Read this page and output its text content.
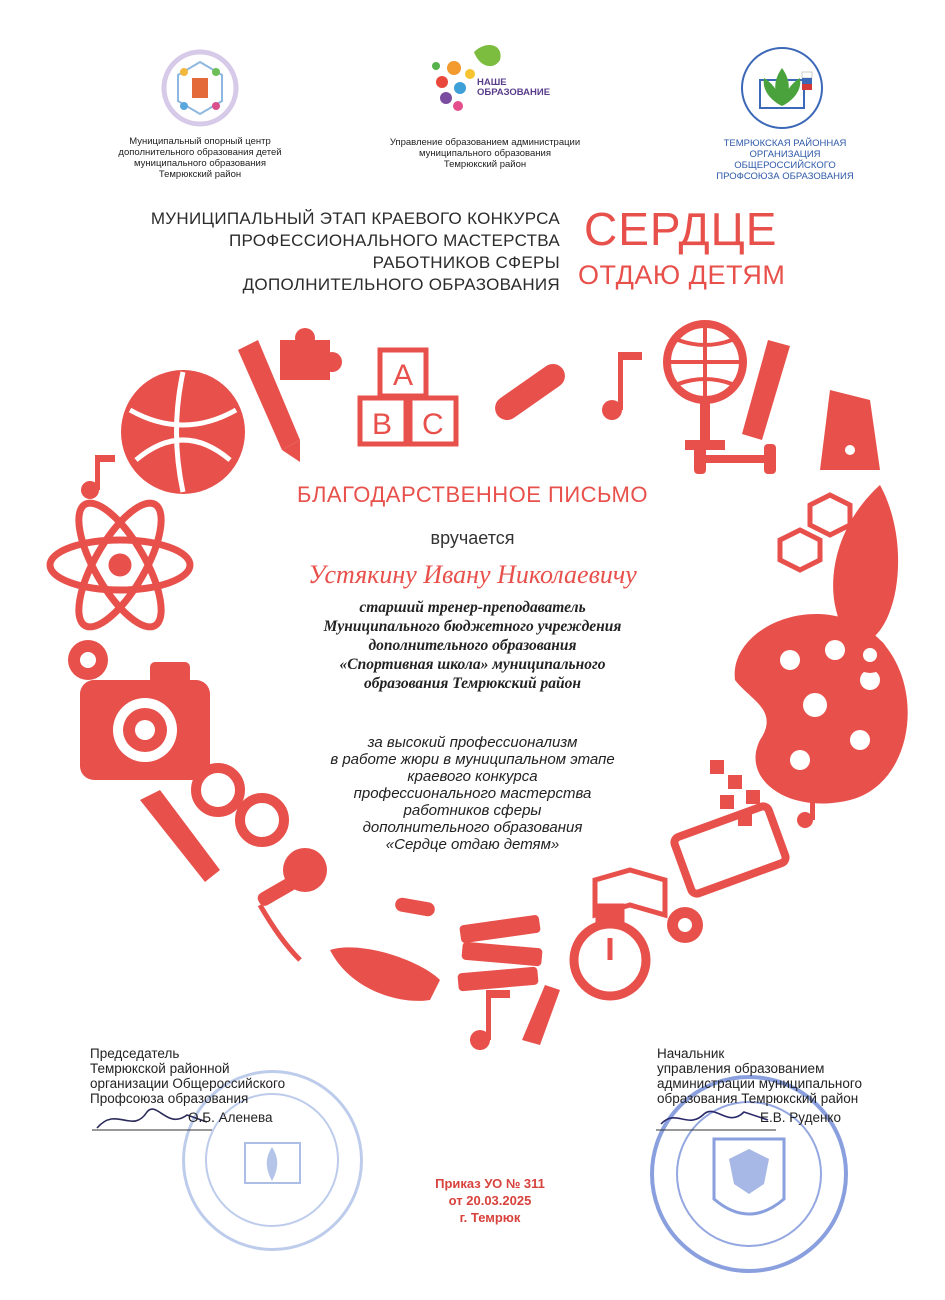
Муниципальный опорный центр
дополнительного образования детей
муниципального образования
Темрюкский район
НАШЕ
ОБРАЗОВАНИЕ
Управление образованием администрации
муниципального образования
Темрюкский район
ТЕМРЮКСКАЯ РАЙОННАЯ
ОРГАНИЗАЦИЯ
ОБЩЕРОССИЙСКОГО
ПРОФСОЮЗА ОБРАЗОВАНИЯ
МУНИЦИПАЛЬНЫЙ ЭТАП КРАЕВОГО КОНКУРСА
ПРОФЕССИОНАЛЬНОГО МАСТЕРСТВА
РАБОТНИКОВ СФЕРЫ
ДОПОЛНИТЕЛЬНОГО ОБРАЗОВАНИЯ
СЕРДЦЕ
ОТДАЮ ДЕТЯМ
A
B C
БЛАГОДАРСТВЕННОЕ ПИСЬМО
вручается
Устякину Ивану Николаевичу
старший тренер-преподаватель
Муниципального бюджетного учреждения
дополнительного образования
«Спортивная школа» муниципального
образования Темрюкский район
за высокий профессионализм
в работе жюри в муниципальном этапе
краевого конкурса
профессионального мастерства
работников сферы
дополнительного образования
«Сердце отдаю детям»
Председатель
Темрюкской районной
организации Общероссийского
Профсоюза образования
О.Б. Аленева
Начальник
управления образованием
администрации муниципального
образования Темрюкский район
Е.В. Руденко
Приказ УО № 311
от 20.03.2025
г. Темрюк
